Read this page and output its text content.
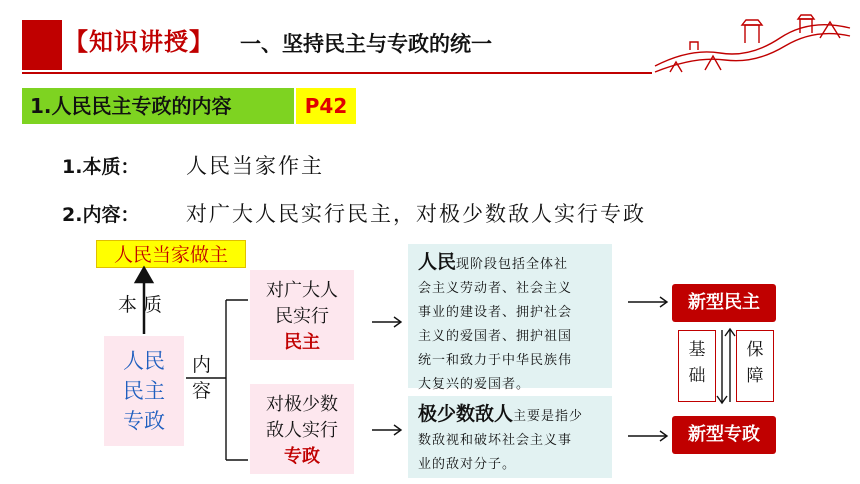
【知识讲授】 一、坚持民主与专政的统一
1.人民民主专政的内容	P42
1.本质： 人民当家作主
2.内容： 对广大人民实行民主，对极少数敌人实行专政
人民当家做主
本 质
人民
民主
专政
内
容
对广大人
民实行
民主
对极少数
敌人实行
专政
人民现阶段包括全体社
会主义劳动者、社会主义
事业的建设者、拥护社会
主义的爱国者、拥护祖国
统一和致力于中华民族伟
大复兴的爱国者。
极少数敌人主要是指少
数敌视和破坏社会主义事
业的敌对分子。
新型民主
新型专政
基
础
保
障
